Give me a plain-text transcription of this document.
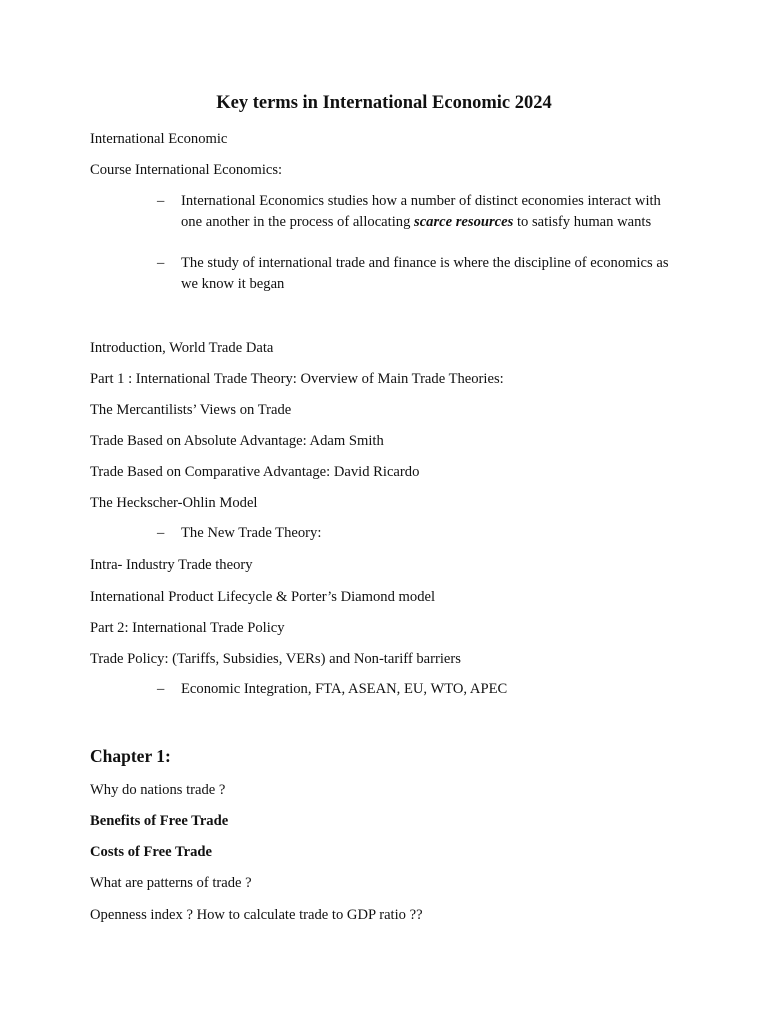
Key terms in International Economic 2024

International Economic

Course International Economics:

– International Economics studies how a number of distinct economies interact with one another in the process of allocating scarce resources to satisfy human wants

– The study of international trade and finance is where the discipline of economics as we know it began

Introduction, World Trade Data

Part 1 : International Trade Theory: Overview of Main Trade Theories:

The Mercantilists’ Views on Trade

Trade Based on Absolute Advantage: Adam Smith

Trade Based on Comparative Advantage: David Ricardo

The Heckscher-Ohlin Model

– The New Trade Theory:

Intra- Industry Trade theory

International Product Lifecycle & Porter’s Diamond model

Part 2: International Trade Policy

Trade Policy: (Tariffs, Subsidies, VERs) and Non-tariff barriers

– Economic Integration, FTA, ASEAN, EU, WTO, APEC

Chapter 1:

Why do nations trade ?

Benefits of Free Trade

Costs of Free Trade

What are patterns of trade ?

Openness index ? How to calculate trade to GDP ratio ??
